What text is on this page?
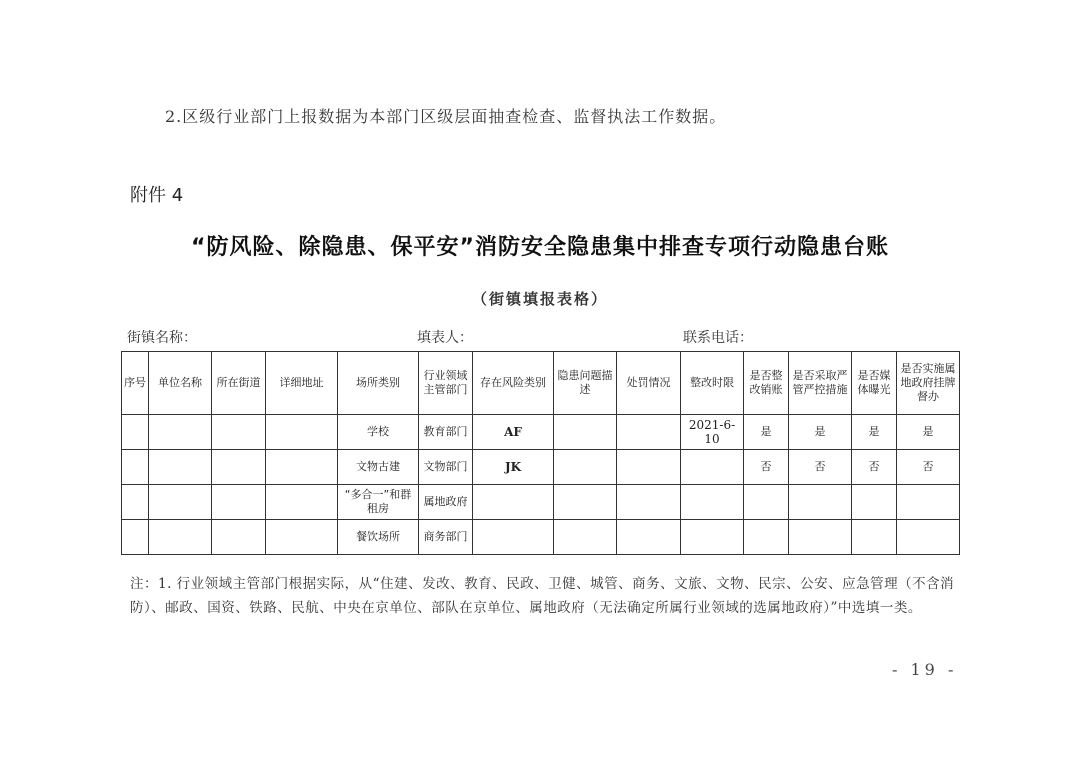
2.区级行业部门上报数据为本部门区级层面抽查检查、监督执法工作数据。
附件 4
“防风险、除隐患、保平安”消防安全隐患集中排查专项行动隐患台账
（街镇填报表格）
街镇名称：	填表人：	联系电话：
序号	单位名称	所在街道	详细地址	场所类别	行业领域主管部门	存在风险类别	隐患问题描述	处罚情况	整改时限	是否整改销账	是否采取严管严控措施	是否媒体曝光	是否实施属地政府挂牌督办
				学校	教育部门	AF			2021-6-10	是	是	是	是
				文物古建	文物部门	JK				否	否	否	否
				“多合一”和群租房	属地政府								
				餐饮场所	商务部门								
注：1. 行业领域主管部门根据实际，从“住建、发改、教育、民政、卫健、城管、商务、文旅、文物、民宗、公安、应急管理（不含消防）、邮政、国资、铁路、民航、中央在京单位、部队在京单位、属地政府（无法确定所属行业领域的选属地政府）”中选填一类。
- 19 -
